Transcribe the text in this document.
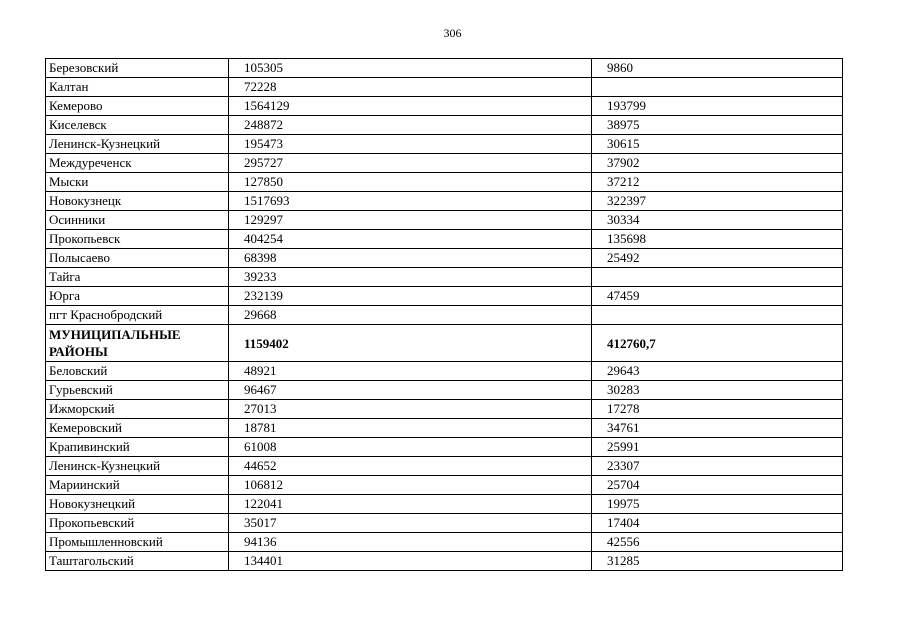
306
Березовский	105305	9860
Калтан	72228	
Кемерово	1564129	193799
Киселевск	248872	38975
Ленинск-Кузнецкий	195473	30615
Междуреченск	295727	37902
Мыски	127850	37212
Новокузнецк	1517693	322397
Осинники	129297	30334
Прокопьевск	404254	135698
Полысаево	68398	25492
Тайга	39233	
Юрга	232139	47459
пгт Краснобродский	29668	
МУНИЦИПАЛЬНЫЕ РАЙОНЫ	1159402	412760,7
Беловский	48921	29643
Гурьевский	96467	30283
Ижморский	27013	17278
Кемеровский	18781	34761
Крапивинский	61008	25991
Ленинск-Кузнецкий	44652	23307
Мариинский	106812	25704
Новокузнецкий	122041	19975
Прокопьевский	35017	17404
Промышленновский	94136	42556
Таштагольский	134401	31285
